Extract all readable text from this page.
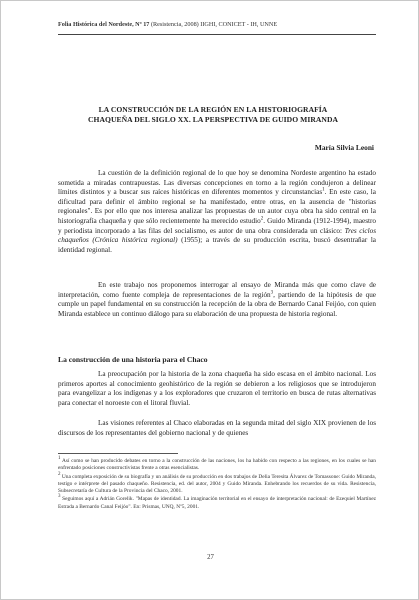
Folia Histórica del Nordeste, Nº 17 (Resistencia, 2008) IIGHI, CONICET - IH, UNNE
LA CONSTRUCCIÓN DE LA REGIÓN EN LA HISTORIOGRAFÍA
CHAQUEÑA DEL SIGLO XX. LA PERSPECTIVA DE GUIDO MIRANDA
María Silvia Leoni

La cuestión de la definición regional de lo que hoy se denomina Nordeste argentino ha estado sometida a miradas contrapuestas. Las diversas concepciones en torno a la región condujeron a delinear límites distintos y a buscar sus raíces históricas en diferentes momentos y circunstancias$^1$. En este caso, la dificultad para definir el ámbito regional se ha manifestado, entre otras, en la ausencia de "historias regionales". Es por ello que nos interesa analizar las propuestas de un autor cuya obra ha sido central en la historiografía chaqueña y que sólo recientemente ha merecido estudio$^2$. Guido Miranda (1912-1994), maestro y periodista incorporado a las filas del socialismo, es autor de una obra considerada un clásico: Tres ciclos chaqueños (Crónica histórica regional) (1955); a través de su producción escrita, buscó desentrañar la identidad regional.

En este trabajo nos proponemos interrogar al ensayo de Miranda más que como clave de interpretación, como fuente compleja de representaciones de la región$^3$, partiendo de la hipótesis de que cumple un papel fundamental en su construcción la recepción de la obra de Bernardo Canal Feijóo, con quien Miranda establece un continuo diálogo para su elaboración de una propuesta de historia regional.

La construcción de una historia para el Chaco

La preocupación por la historia de la zona chaqueña ha sido escasa en el ámbito nacional. Los primeros aportes al conocimiento geohistórico de la región se debieron a los religiosos que se introdujeron para evangelizar a los indígenas y a los exploradores que cruzaron el territorio en busca de rutas alternativas para conectar el noroeste con el litoral fluvial.

Las visiones referentes al Chaco elaboradas en la segunda mitad del siglo XIX provienen de los discursos de los representantes del gobierno nacional y de quienes

$^1$ Así como se han producido debates en torno a la construcción de las naciones, los ha habido con respecto a las regiones, en los cuales se han enfrentado posiciones constructivistas frente a otras esencialistas.

$^2$ Una completa exposición de su biografía y un análisis de su producción en dos trabajos de Delia Teresita Álvarez de Tomassone: Guido Miranda, testigo e intérprete del pasado chaqueño. Resistencia, ed. del autor, 2004 y Guido Miranda. Enhebrando los recuerdos de su vida. Resistencia, Subsecretaría de Cultura de la Provincia del Chaco, 2001.

$^3$ Seguimos aquí a Adrián Gorelik. "Mapas de identidad. La imaginación territorial en el ensayo de interpretación nacional: de Ezequiel Martínez Estrada a Bernardo Canal Feijóo". En: Prismas, UNQ, Nº5, 2001.

27
